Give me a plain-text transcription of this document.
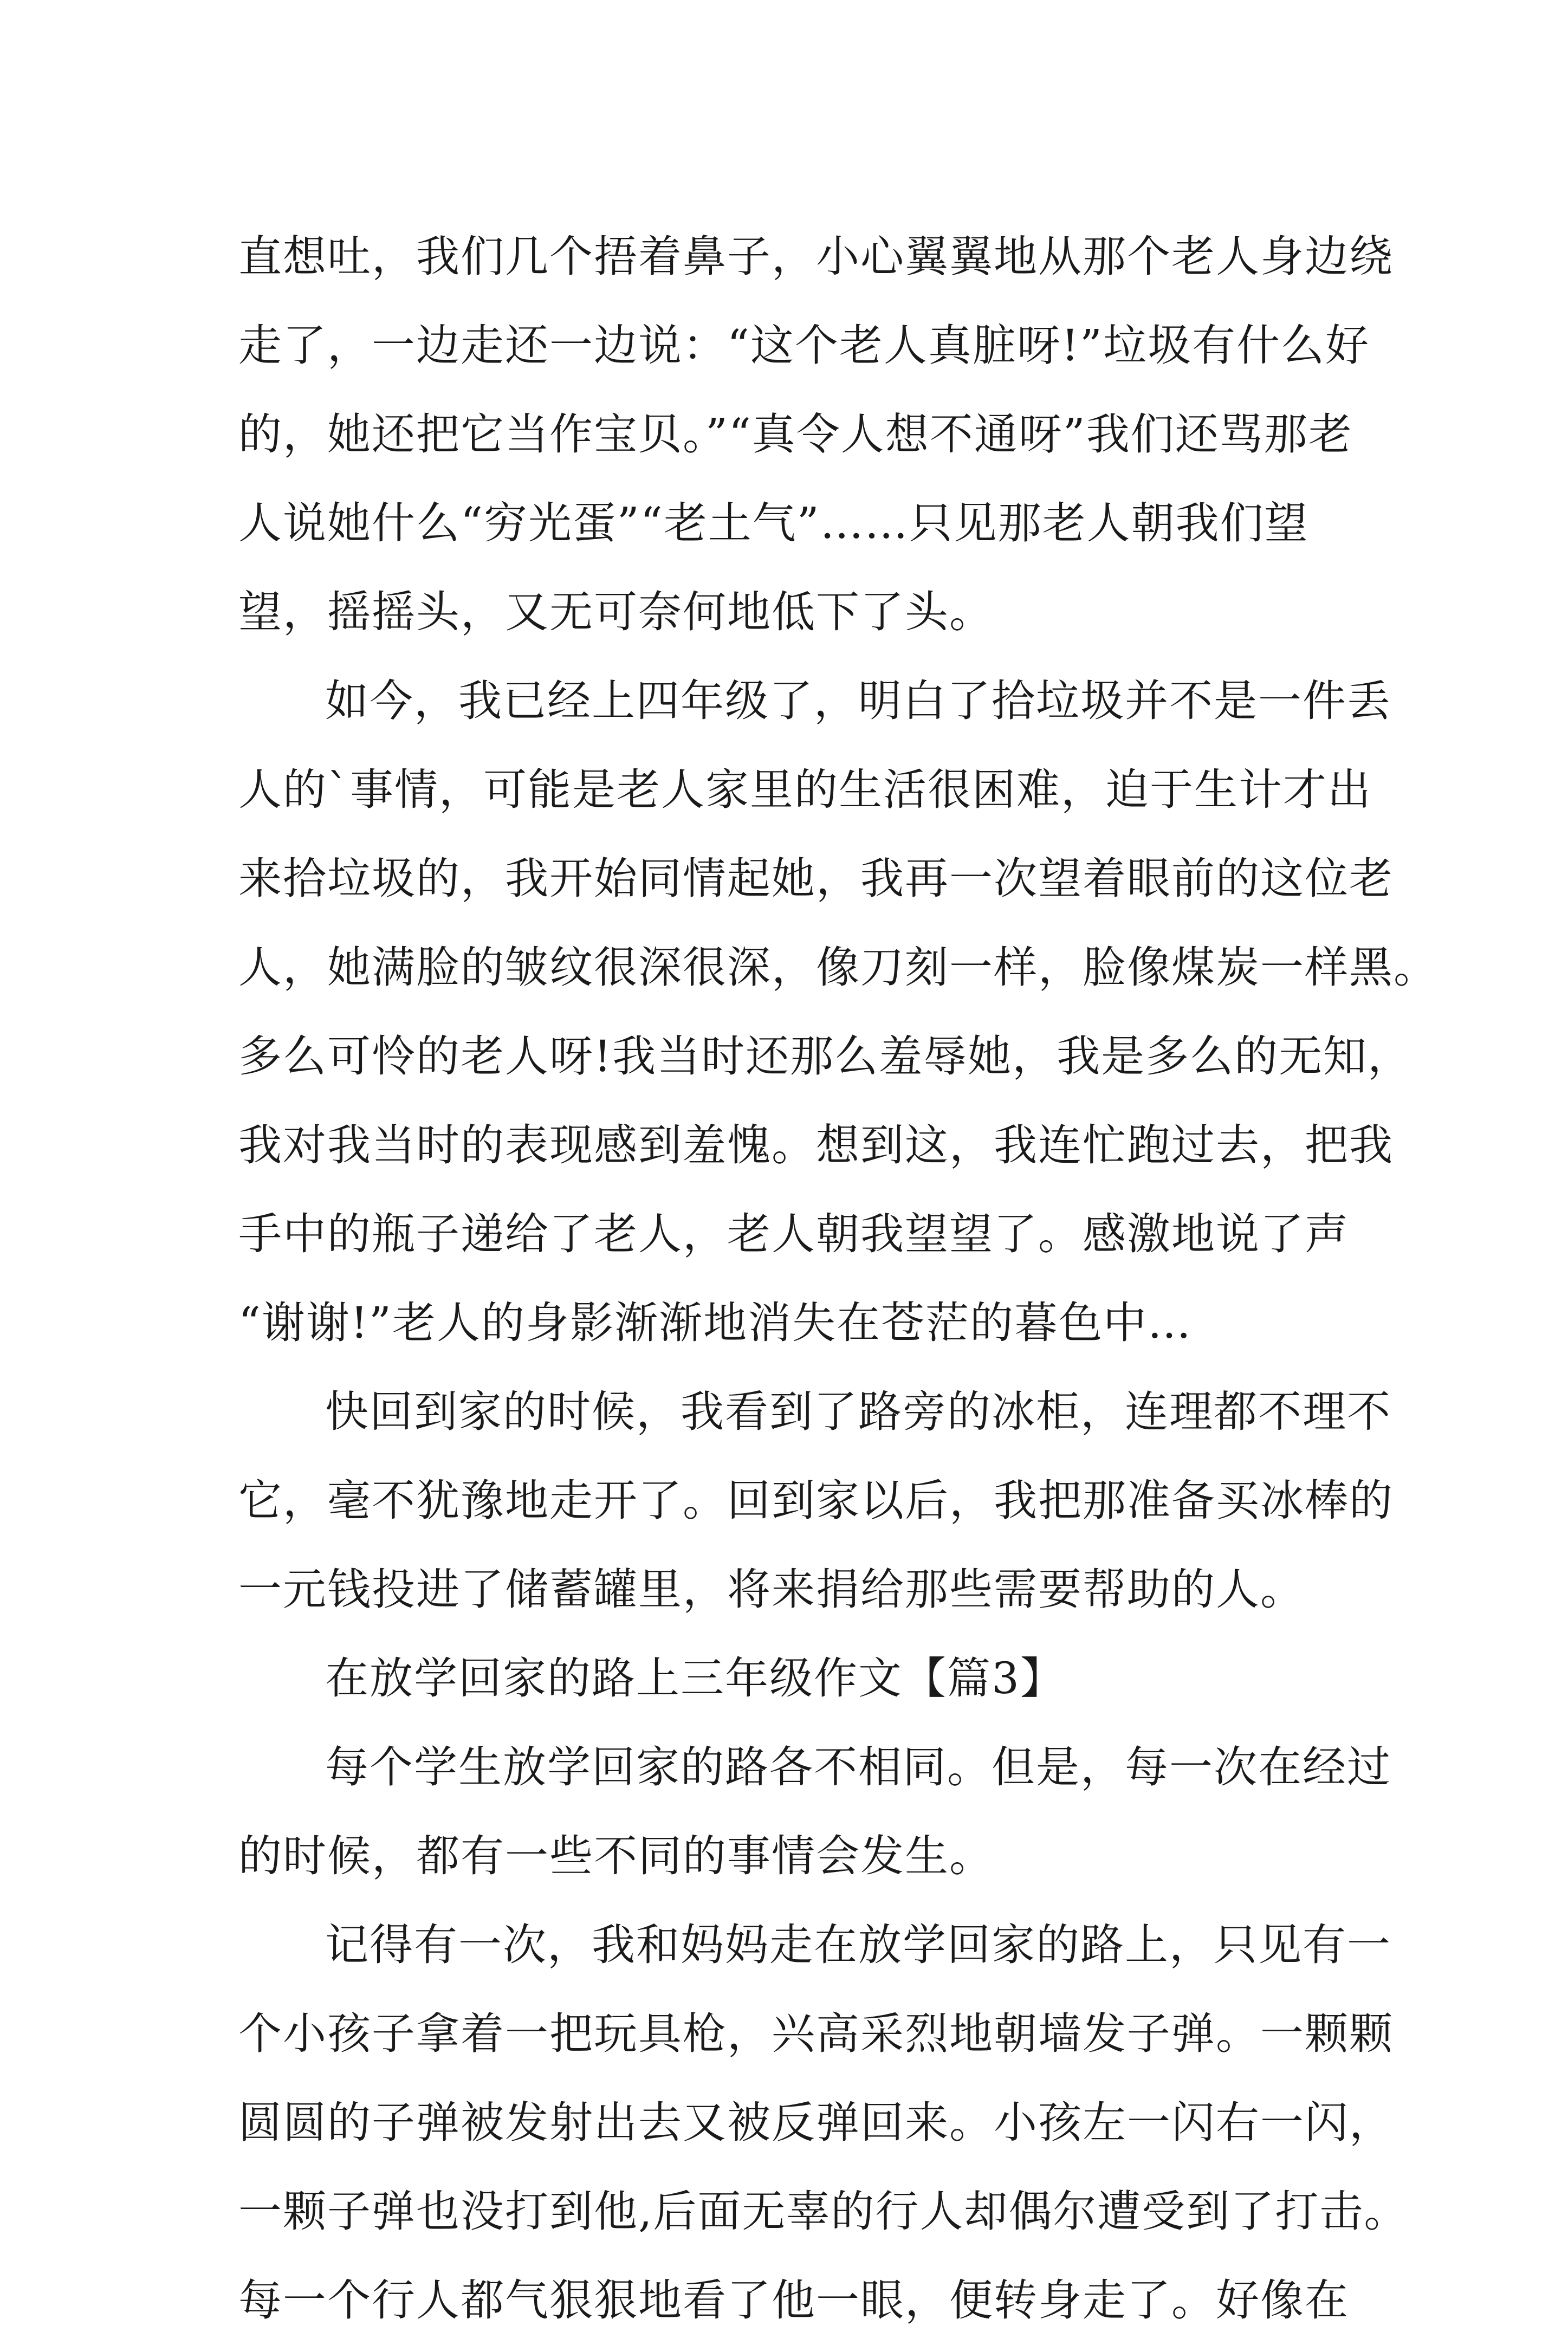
直想吐，我们几个捂着鼻子，小心翼翼地从那个老人身边绕
走了，一边走还一边说：“这个老人真脏呀!”垃圾有什么好
的，她还把它当作宝贝。”“真令人想不通呀”我们还骂那老
人说她什么“穷光蛋”“老土气”……只见那老人朝我们望
望，摇摇头，又无可奈何地低下了头。
如今，我已经上四年级了，明白了拾垃圾并不是一件丢
人的`事情，可能是老人家里的生活很困难，迫于生计才出
来拾垃圾的，我开始同情起她，我再一次望着眼前的这位老
人，她满脸的皱纹很深很深，像刀刻一样，脸像煤炭一样黑。
多么可怜的老人呀!我当时还那么羞辱她，我是多么的无知，
我对我当时的表现感到羞愧。想到这，我连忙跑过去，把我
手中的瓶子递给了老人，老人朝我望望了。感激地说了声
“谢谢!”老人的身影渐渐地消失在苍茫的暮色中…
快回到家的时候，我看到了路旁的冰柜，连理都不理不
它，毫不犹豫地走开了。回到家以后，我把那准备买冰棒的
一元钱投进了储蓄罐里，将来捐给那些需要帮助的人。
在放学回家的路上三年级作文【篇3】
每个学生放学回家的路各不相同。但是，每一次在经过
的时候，都有一些不同的事情会发生。
记得有一次，我和妈妈走在放学回家的路上，只见有一
个小孩子拿着一把玩具枪，兴高采烈地朝墙发子弹。一颗颗
圆圆的子弹被发射出去又被反弹回来。小孩左一闪右一闪，
一颗子弹也没打到他,后面无辜的行人却偶尔遭受到了打击。
每一个行人都气狠狠地看了他一眼，便转身走了。好像在
